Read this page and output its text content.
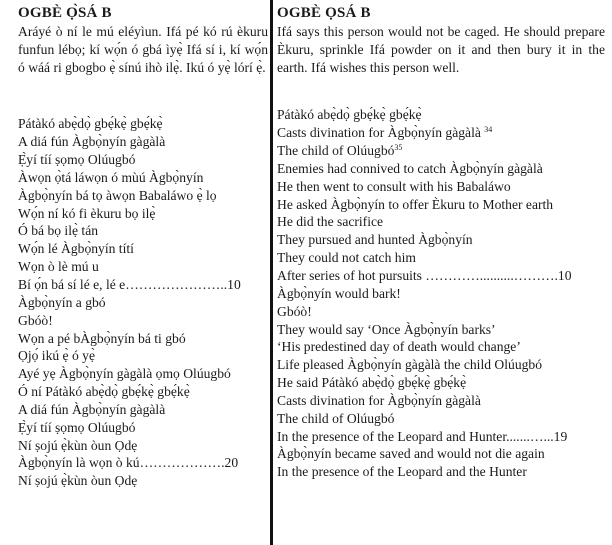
OGBÈ Ọ̀SÁ B

Aráyé ò ní le mú eléyìun. Ifá pé kó rú èkuru funfun lébọ; kí wọ́n ó gbá ìyẹ̀ Ifá sí i, kí wọ́n ó wáá ri gbogbo ẹ̀ sínú ihò ilẹ̀. Ikú ó yẹ̀ lórí ẹ̀.

Pátàkó abẹ̀dọ̀ gbẹ́kẹ̀ gbẹ́kẹ̀
A diá fún Àgbọ̀nyín gàgàlà
Ẹ̀yí tíí ṣọmọ Olúugbó
Àwọn ọ̀tá láwọn ó mùú Àgbọ̀nyín
Àgbọ̀nyín bá tọ àwọn Babaláwo ẹ̀ lọ
Wọ́n ní kó fi èkuru bọ ilẹ̀
Ó bá bọ ilẹ̀ tán
Wọ́n lé Àgbọ̀nyín títí
Wọn ò lè mú u
Bí ọ́n bá sí lé e, lé e…………………..10
Àgbọ̀nyín a gbó
Gbóò!
Wọn a pé bÀgbọ̀nyín bá ti gbó
Ọjọ́ ikú ẹ̀ ó yẹ̀
Ayé yẹ Àgbọ̀nyín gàgàlà ọmọ Olúugbó
Ó ní Pátàkó abẹ̀dọ̀ gbẹ́kẹ̀ gbẹ́kẹ̀
A diá fún Àgbọ̀nyín gàgàlà
Ẹ̀yí tíí ṣọmọ Olúugbó
Ní ṣojú ẹ̀kùn òun Ọdẹ
Àgbọ̀nyín là wọn ò kú……………….20
Ní ṣojú ẹ̀kùn òun Ọdẹ
OGBÈ ỌSÁ B

Ifá says this person would not be caged. He should prepare Èkuru, sprinkle Ifá powder on it and then bury it in the earth. Ifá wishes this person well.

Pátàkó abẹ̀dọ̀ gbẹ́kẹ̀ gbẹ́kẹ̀
Casts divination for Àgbọ̀nyín gàgàlà $^{34}$
The child of Olúugbó$^{35}$
Enemies had connived to catch Àgbọ̀nyín gàgàlà
He then went to consult with his Babaláwo
He asked Àgbọ̀nyín to offer Èkuru to Mother earth
He did the sacrifice
They pursued and hunted Àgbọ̀nyín
They could not catch him
After series of hot pursuits …………..........……….10
Àgbọ̀nyín would bark!
Gbóò!
They would say ‘Once Àgbọ̀nyín barks’
‘His predestined day of death would change’
Life pleased Àgbọ̀nyín gàgàlà the child Olúugbó
He said Pátàkó abẹ̀dọ̀ gbẹ́kẹ̀ gbẹ́kẹ̀
Casts divination for Àgbọ̀nyín gàgàlà
The child of Olúugbó
In the presence of the Leopard and Hunter.......…...19
Àgbọ̀nyín became saved and would not die again
In the presence of the Leopard and the Hunter
